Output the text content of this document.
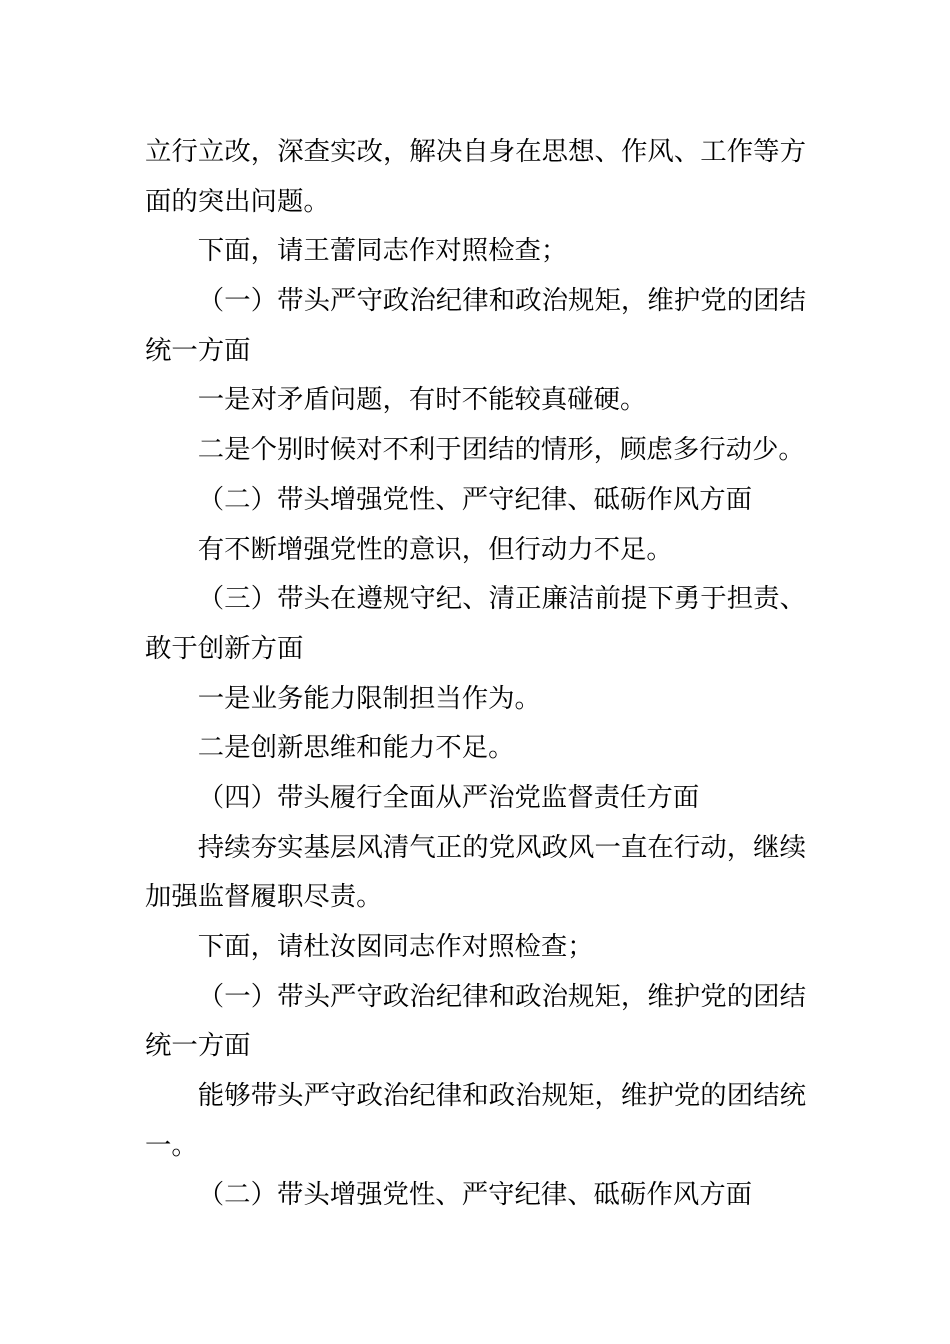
立行立改，深查实改，解决自身在思想、作风、工作等方
面的突出问题。
下面，请王蕾同志作对照检查；
（一）带头严守政治纪律和政治规矩，维护党的团结
统一方面
一是对矛盾问题，有时不能较真碰硬。
二是个别时候对不利于团结的情形，顾虑多行动少。
（二）带头增强党性、严守纪律、砥砺作风方面
有不断增强党性的意识，但行动力不足。
（三）带头在遵规守纪、清正廉洁前提下勇于担责、
敢于创新方面
一是业务能力限制担当作为。
二是创新思维和能力不足。
（四）带头履行全面从严治党监督责任方面
持续夯实基层风清气正的党风政风一直在行动，继续
加强监督履职尽责。
下面，请杜汝囡同志作对照检查；
（一）带头严守政治纪律和政治规矩，维护党的团结
统一方面
能够带头严守政治纪律和政治规矩，维护党的团结统
一。
（二）带头增强党性、严守纪律、砥砺作风方面
